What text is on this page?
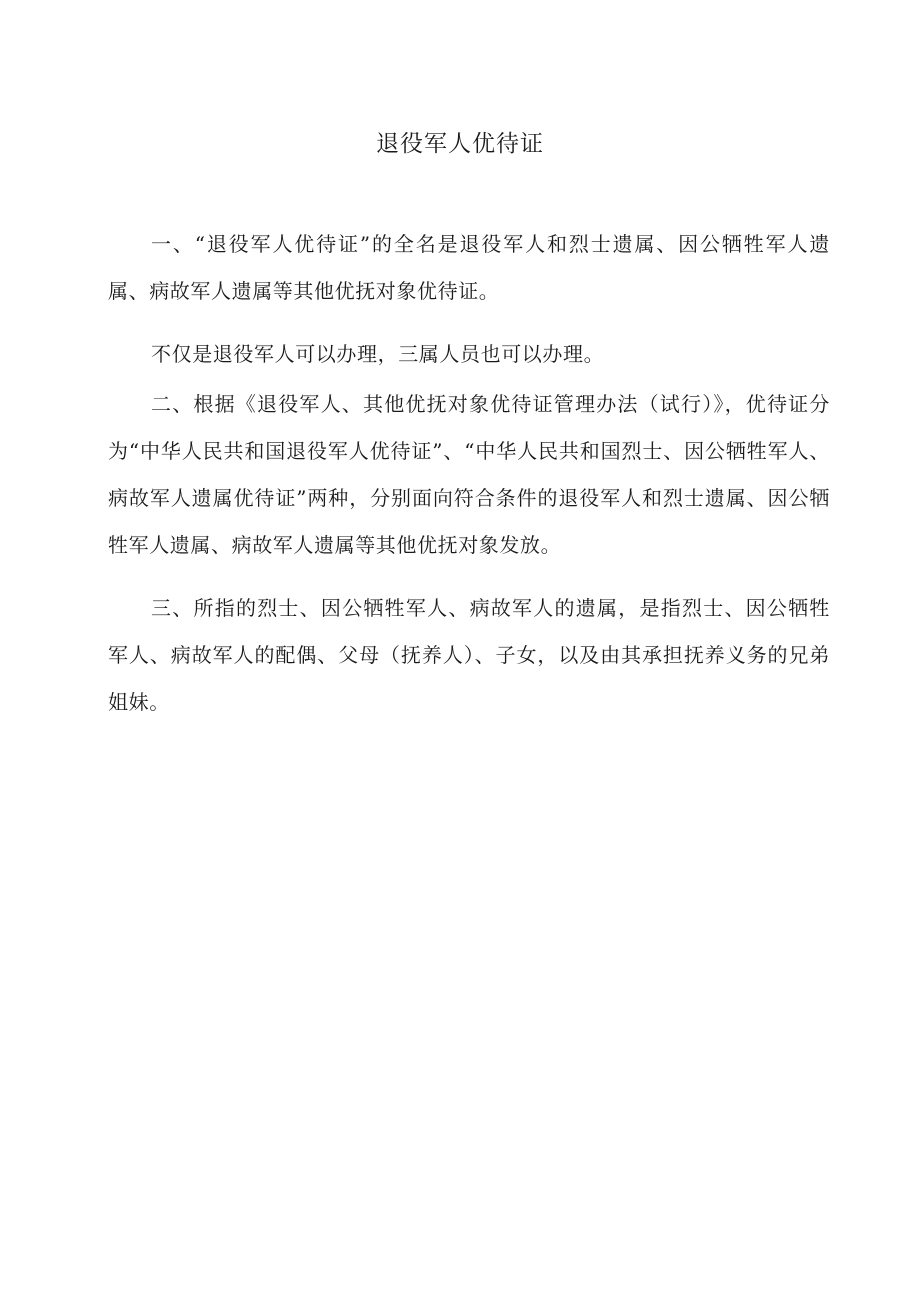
退役军人优待证

一、“退役军人优待证”的全名是退役军人和烈士遗属、因公牺牲军人遗属、病故军人遗属等其他优抚对象优待证。

不仅是退役军人可以办理，三属人员也可以办理。

二、根据《退役军人、其他优抚对象优待证管理办法（试行）》，优待证分为“中华人民共和国退役军人优待证”、“中华人民共和国烈士、因公牺牲军人、病故军人遗属优待证”两种，分别面向符合条件的退役军人和烈士遗属、因公牺牲军人遗属、病故军人遗属等其他优抚对象发放。

三、所指的烈士、因公牺牲军人、病故军人的遗属，是指烈士、因公牺牲军人、病故军人的配偶、父母（抚养人）、子女，以及由其承担抚养义务的兄弟姐妹。
